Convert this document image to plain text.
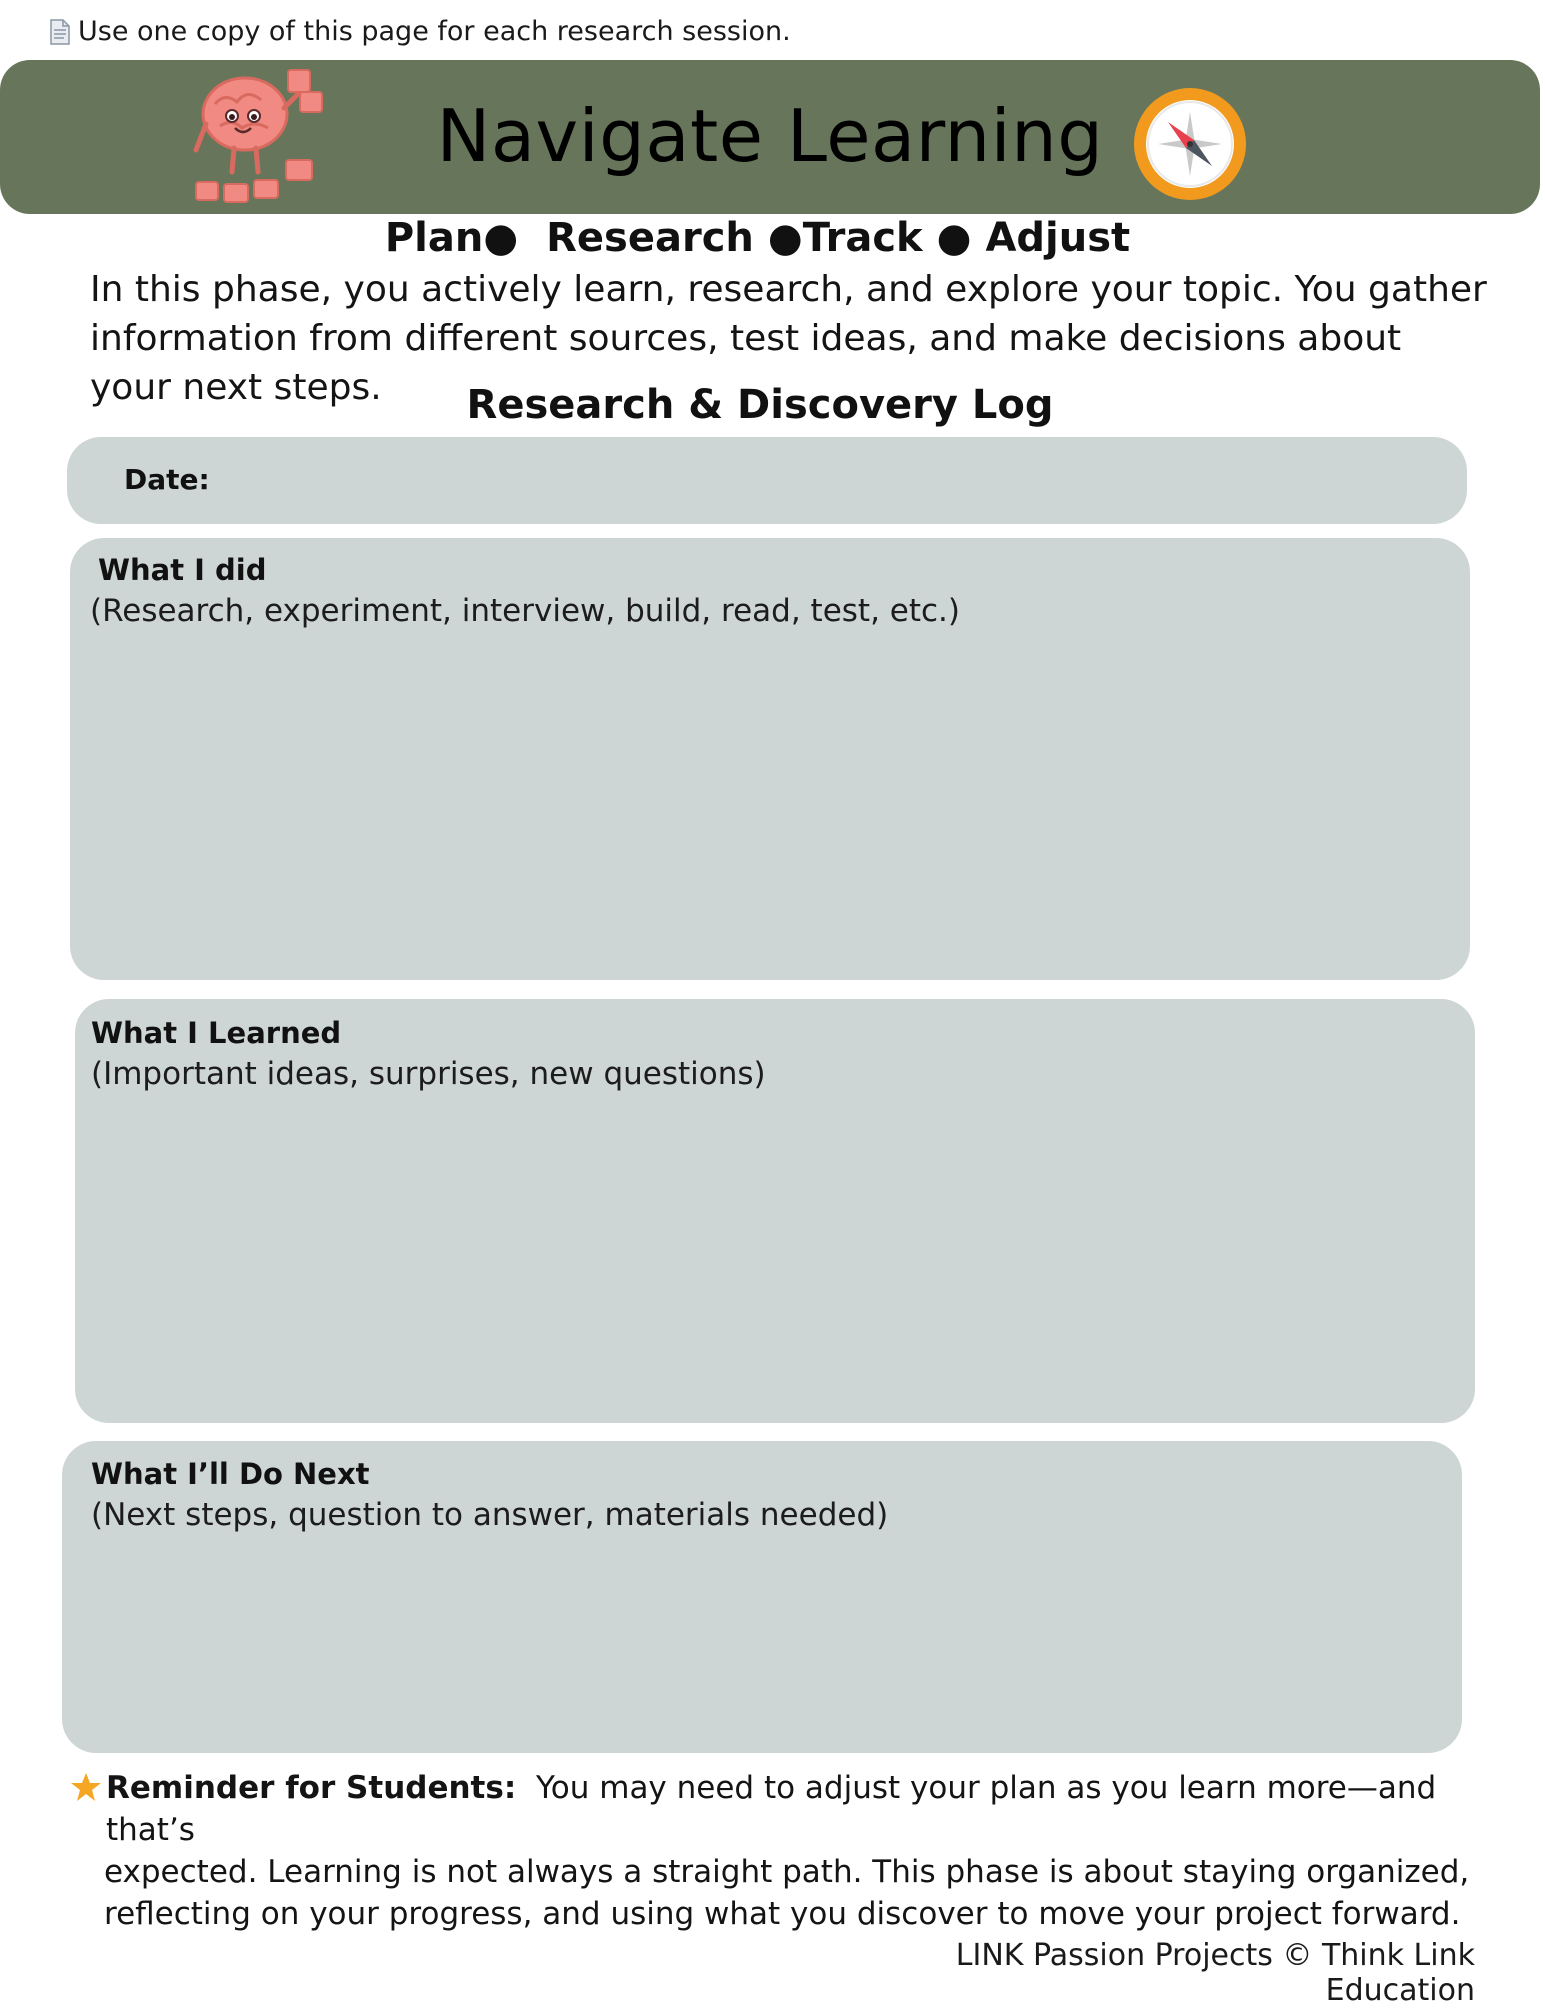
Use one copy of this page for each research session.
Navigate Learning
Plan● Research ●Track ● Adjust
In this phase, you actively learn, research, and explore your topic. You gather information from different sources, test ideas, and make decisions about your next steps.	Research & Discovery Log
Date:
What I did
(Research, experiment, interview, build, read, test, etc.)
What I Learned
(Important ideas, surprises, new questions)
What I’ll Do Next
(Next steps, question to answer, materials needed)
Reminder for Students: You may need to adjust your plan as you learn more—and that’s
expected. Learning is not always a straight path. This phase is about staying organized,
reflecting on your progress, and using what you discover to move your project forward.
LINK Passion Projects © Think Link Education
